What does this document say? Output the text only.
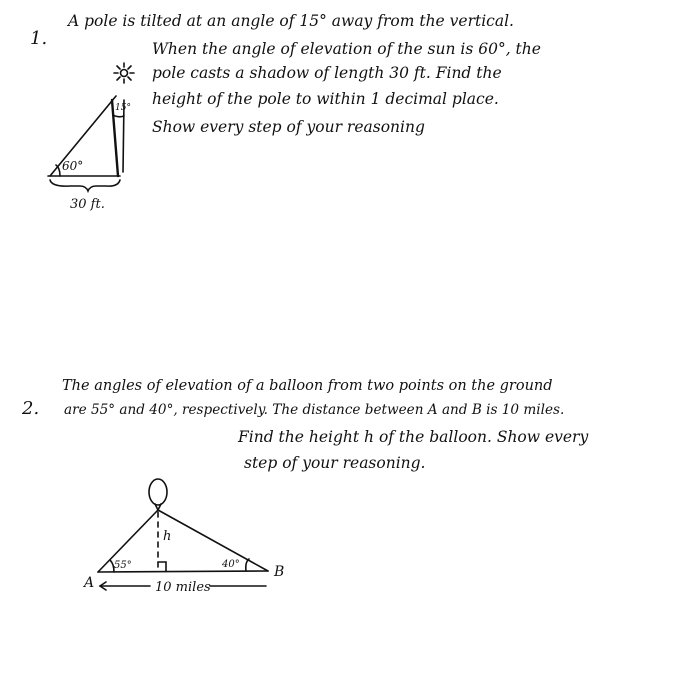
1.
A pole is tilted at an angle of 15° away from the vertical.
When the angle of elevation of the sun is 60°, the
pole casts a shadow of length 30 ft. Find the
height of the pole to within 1 decimal place.
Show every step of your reasoning
2.
The angles of elevation of a balloon from two points on the ground
are 55° and 40°, respectively. The distance between A and B is 10 miles.
Find the height h of the balloon. Show every
step of your reasoning.
15°
60°
30 ft.
55°	40°
A
B
h
10 miles
